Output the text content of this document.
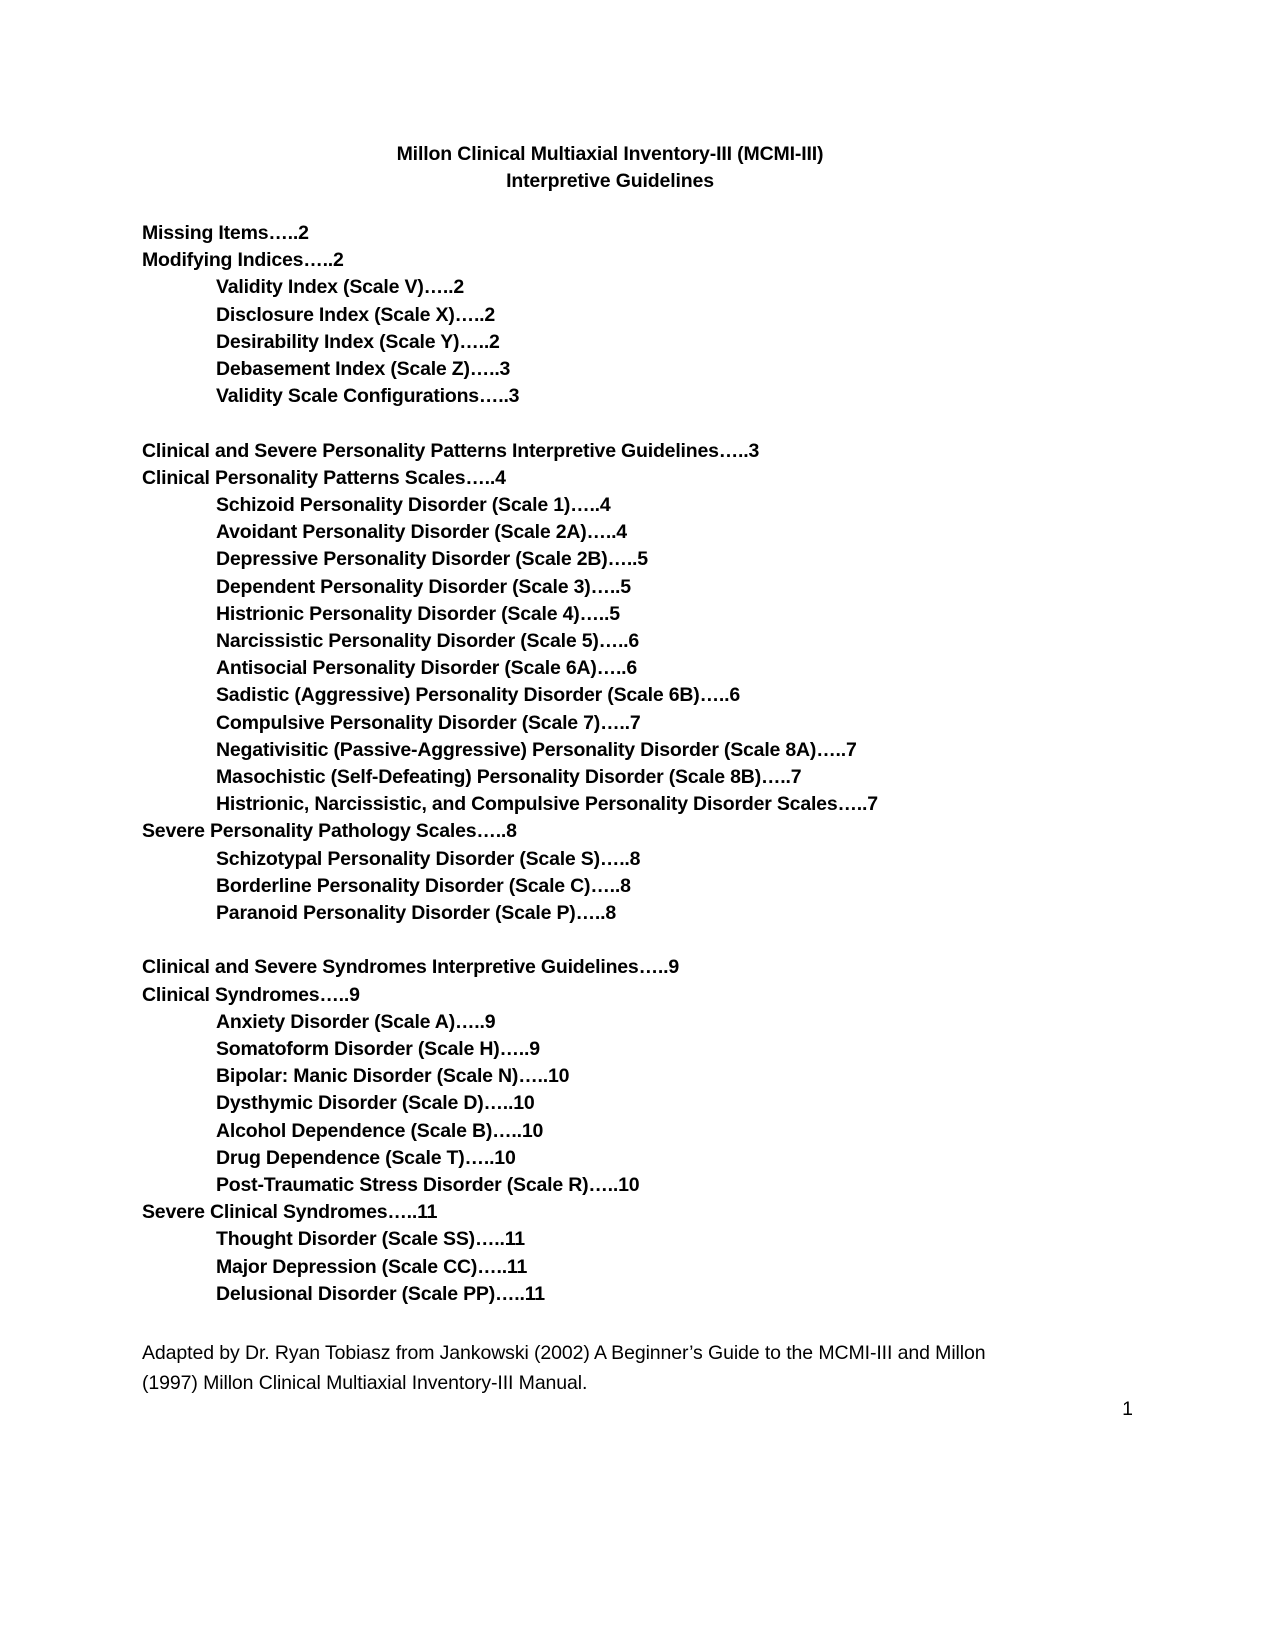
Millon Clinical Multiaxial Inventory-III (MCMI-III)
Interpretive Guidelines
Missing Items…..2
Modifying Indices…..2
Validity Index (Scale V)…..2
Disclosure Index (Scale X)…..2
Desirability Index (Scale Y)…..2
Debasement Index (Scale Z)…..3
Validity Scale Configurations…..3
Clinical and Severe Personality Patterns Interpretive Guidelines…..3
Clinical Personality Patterns Scales…..4
Schizoid Personality Disorder (Scale 1)…..4
Avoidant Personality Disorder (Scale 2A)…..4
Depressive Personality Disorder (Scale 2B)…..5
Dependent Personality Disorder (Scale 3)…..5
Histrionic Personality Disorder (Scale 4)…..5
Narcissistic Personality Disorder (Scale 5)…..6
Antisocial Personality Disorder (Scale 6A)…..6
Sadistic (Aggressive) Personality Disorder (Scale 6B)…..6
Compulsive Personality Disorder (Scale 7)…..7
Negativisitic (Passive-Aggressive) Personality Disorder (Scale 8A)…..7
Masochistic (Self-Defeating) Personality Disorder (Scale 8B)…..7
Histrionic, Narcissistic, and Compulsive Personality Disorder Scales…..7
Severe Personality Pathology Scales…..8
Schizotypal Personality Disorder (Scale S)…..8
Borderline Personality Disorder (Scale C)…..8
Paranoid Personality Disorder (Scale P)…..8
Clinical and Severe Syndromes Interpretive Guidelines…..9
Clinical Syndromes…..9
Anxiety Disorder (Scale A)…..9
Somatoform Disorder (Scale H)…..9
Bipolar: Manic Disorder (Scale N)…..10
Dysthymic Disorder (Scale D)…..10
Alcohol Dependence (Scale B)…..10
Drug Dependence (Scale T)…..10
Post-Traumatic Stress Disorder (Scale R)…..10
Severe Clinical Syndromes…..11
Thought Disorder (Scale SS)…..11
Major Depression (Scale CC)…..11
Delusional Disorder (Scale PP)…..11
Adapted by Dr. Ryan Tobiasz from Jankowski (2002) A Beginner’s Guide to the MCMI-III and Millon
(1997) Millon Clinical Multiaxial Inventory-III Manual.
1
